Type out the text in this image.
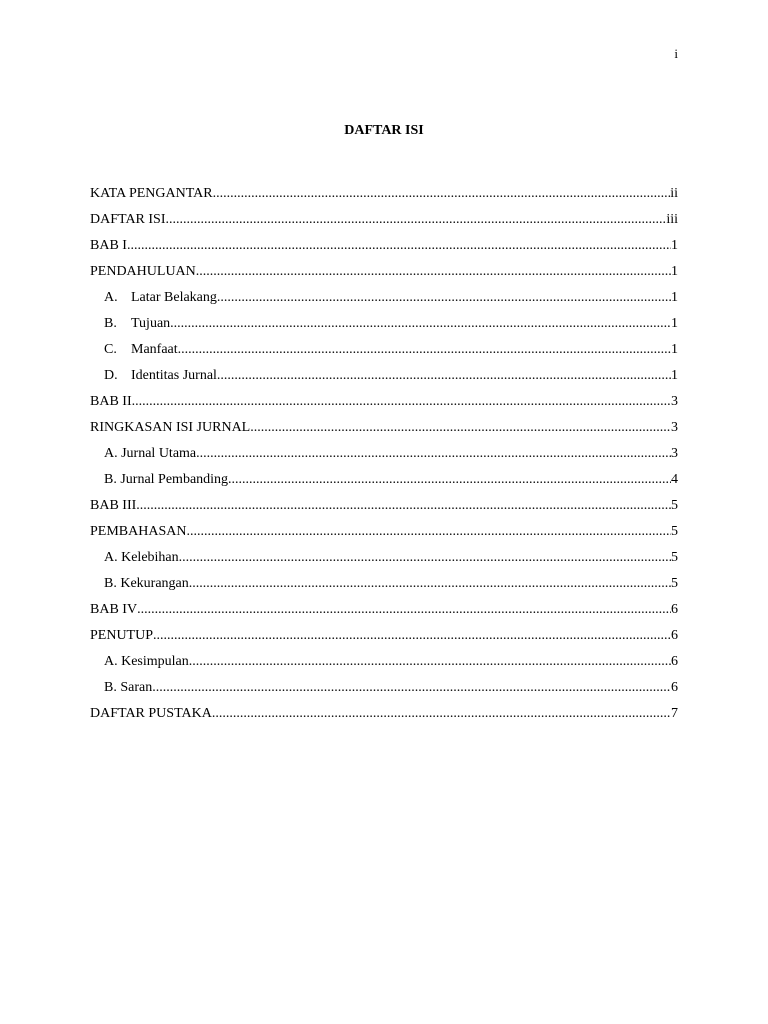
i
DAFTAR ISI
KATA PENGANTAR .....	ii
DAFTAR ISI .....	iii
BAB I .....	1
PENDAHULUAN .....	1
A. Latar Belakang .....	1
B.	Tujuan .....	1
C.	Manfaat .....	1
D. Identitas Jurnal .....	1
BAB II .....	3
RINGKASAN ISI JURNAL .....	3
A. Jurnal Utama .....	3
B. Jurnal Pembanding .....	4
BAB III .....	5
PEMBAHASAN .....	5
A. Kelebihan .....	5
B. Kekurangan .....	5
BAB IV .....	6
PENUTUP .....	6
A. Kesimpulan .....	6
B. Saran .....	6
DAFTAR PUSTAKA .....	7
